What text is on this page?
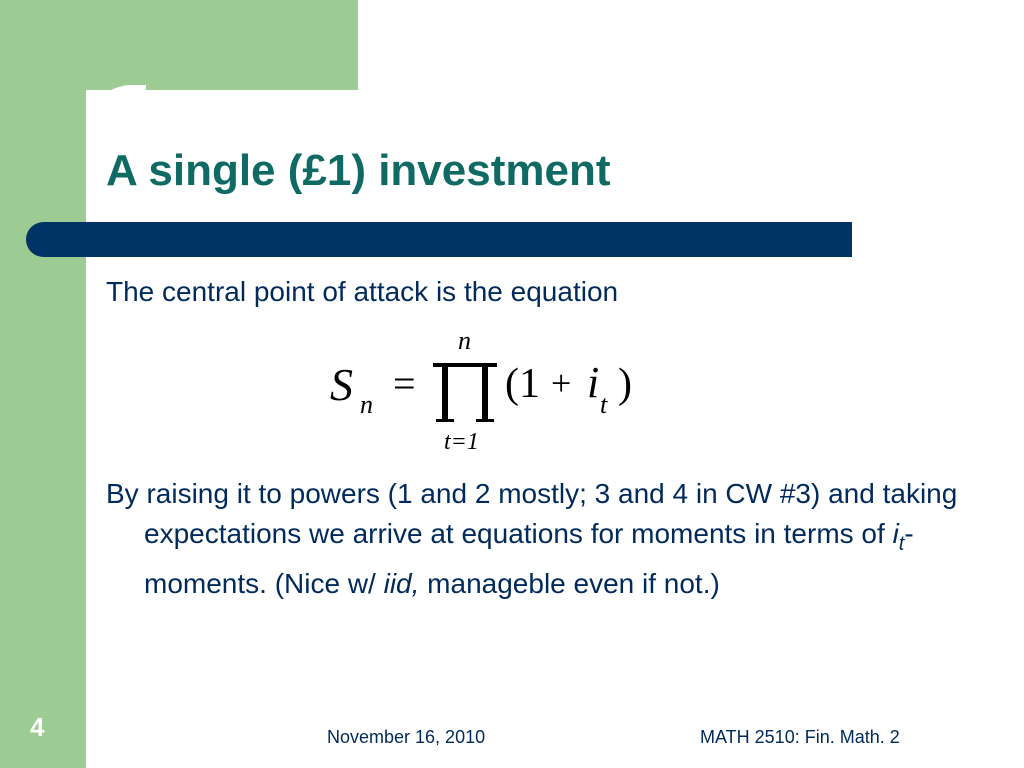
A single (£1) investment

The central point of attack is the equation

S n =
n
t=1
(1 + i t )

By raising it to powers (1 and 2 mostly; 3 and 4 in CW #3) and taking expectations we arrive at equations for moments in terms of $i_t$-moments. (Nice w/ iid, manageble even if not.)

4	November 16, 2010	MATH 2510: Fin. Math. 2
